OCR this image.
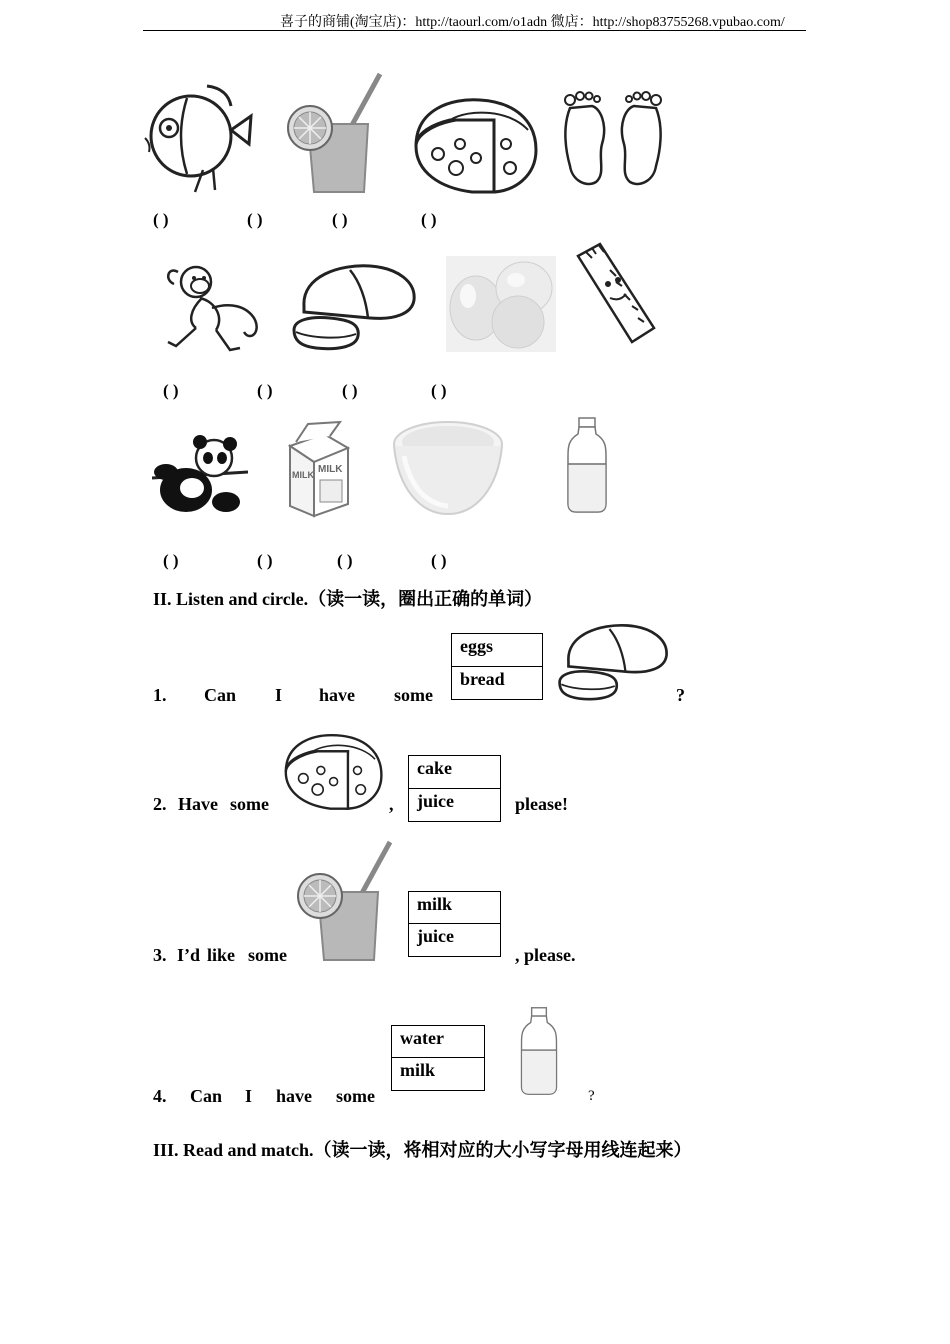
喜子的商铺(淘宝店)：http://taourl.com/o1adn 微店：http://shop83755268.vpubao.com/
( )	( )	( )	( )
( )	( )	( )	( )
MILK MILK
( )	( )	( )	( )
II. Listen and circle.（读一读，圈出正确的单词）
1. Can I have some
eggs
bread
?
2. Have some	,
cake
juice	please!
3. I’d like some
milk
juice
, please.
4. Can I have some
water
milk
?
III. Read and match.（读一读，将相对应的大小写字母用线连起来）
